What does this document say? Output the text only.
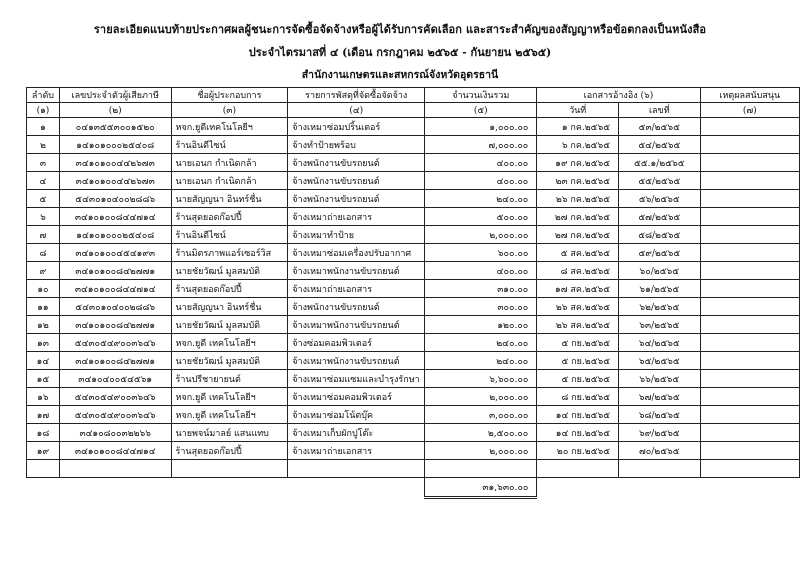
รายละเอียดแนบท้ายประกาศผลผู้ชนะการจัดซื้อจัดจ้างหรือผู้ได้รับการคัดเลือก และสาระสำคัญของสัญญาหรือข้อตกลงเป็นหนังสือ
ประจำไตรมาสที่ ๔ (เดือน กรกฎาคม ๒๕๖๕ - กันยายน ๒๕๖๕)
สำนักงานเกษตรและสหกรณ์จังหวัดอุดรธานี
ลำดับ	เลขประจำตัวผู้เสียภาษี	ชื่อผู้ประกอบการ	รายการพัสดุที่จัดซื้อจัดจ้าง	จำนวนเงินรวม	เอกสารอ้างอิง (๖)		เหตุผลสนับสนุน
(๑)	(๒)	(๓)	(๔)	(๕)	วันที่	เลขที่	(๗)
๑	๐๔๑๓๕๕๓๐๐๑๕๒๐	หจก.ยูดีเทคโนโลยีฯ	จ้างเหมาซ่อมปริ้นเตอร์	๑,๐๐๐.๐๐	๑ กค.๒๕๖๕	๕๓/๒๕๖๕	
๒	๑๔๑๐๑๐๐๐๒๕๔๐๘	ร้านอินดีไซน์	จ้างทำป้ายพร้อบ	๗,๐๐๐.๐๐	๖ กค.๒๕๖๕	๕๔/๒๕๖๕	
๓	๓๔๑๐๑๐๐๔๔๒๖๗๓	นายเอนก กำเนิดกล้า	จ้างพนักงานขับรถยนต์	๔๐๐.๐๐	๑๙ กค.๒๕๖๕	๕๕.๑/๒๕๖๕	
๔	๓๔๑๐๑๐๐๔๔๒๖๗๓	นายเอนก กำเนิดกล้า	จ้างพนักงานขับรถยนต์	๔๐๐.๐๐	๒๓ กค.๒๕๖๕	๕๕/๒๕๖๕	
๕	๕๔๓๐๑๐๔๐๐๒๘๘๖	นายสัญญนา อินทร์ชื่น	จ้างพนักงานขับรถยนต์	๒๔๐.๐๐	๒๖ กค.๒๕๖๕	๕๖/๒๕๖๕	
๖	๓๔๑๐๑๐๐๘๔๔๗๑๔	ร้านสุดยอดก๊อปปี้	จ้างเหมาถ่ายเอกสาร	๕๐๐.๐๐	๒๗ กค.๒๕๖๕	๕๗/๒๕๖๕	
๗	๑๔๑๐๑๐๐๐๒๕๔๐๘	ร้านอินดีไซน์	จ้างเหมาทำป้าย	๒,๐๐๐.๐๐	๒๗ กค.๒๕๖๕	๕๘/๒๕๖๕	
๘	๓๔๑๐๑๐๐๔๕๔๑๙๓	ร้านมิตรภาพแอร์เซอร์วิส	จ้างเหมาซ่อมเครื่องปรับอากาศ	๖๐๐.๐๐	๕ สค.๒๕๖๕	๕๙/๒๕๖๕	
๙	๓๔๑๐๑๐๐๘๔๒๗๗๑	นายชัยวัฒน์ มูลสมบัติ	จ้างเหมาพนักงานขับรถยนต์	๔๐๐.๐๐	๘ สค.๒๕๖๕	๖๐/๒๕๖๕	
๑๐	๓๔๑๐๑๐๐๘๔๔๗๑๔	ร้านสุดยอดก๊อปปี้	จ้างเหมาถ่ายเอกสาร	๓๑๐.๐๐	๑๗ สค.๒๕๖๕	๖๑/๒๕๖๕	
๑๑	๕๔๓๐๑๐๔๐๐๒๘๘๖	นายสัญญนา อินทร์ชื่น	จ้างพนักงานขับรถยนต์	๓๐๐.๐๐	๒๖ สค.๒๕๖๕	๖๒/๒๕๖๕	
๑๒	๓๔๑๐๑๐๐๘๔๒๗๗๑	นายชัยวัฒน์ มูลสมบัติ	จ้างเหมาพนักงานขับรถยนต์	๑๒๐.๐๐	๒๖ สค.๒๕๖๕	๖๓/๒๕๖๕	
๑๓	๕๔๓๐๕๔๙๐๐๓๖๔๖	หจก.ยูดี เทคโนโลยีฯ	จ้างซ่อมคอมพิวเตอร์	๒๔๐.๐๐	๕ กย.๒๕๖๕	๖๔/๒๕๖๕	
๑๔	๓๔๑๐๑๐๐๘๔๒๗๗๑	นายชัยวัฒน์ มูลสมบัติ	จ้างเหมาพนักงานขับรถยนต์	๒๔๐.๐๐	๕ กย.๒๕๖๕	๖๕/๒๕๖๕	
๑๕	๓๔๑๐๔๐๐๕๔๕๖๑	ร้านปรีชายายนต์	จ้างเหมาซ่อมแซมและบำรุงรักษา	๖,๖๐๐.๐๐	๕ กย.๒๕๖๕	๖๖/๒๕๖๕	
๑๖	๕๔๓๐๕๔๙๐๐๓๖๔๖	หจก.ยูดี เทคโนโลยีฯ	จ้างเหมาซ่อมคอมพิวเตอร์	๒,๐๐๐.๐๐	๘ กย.๒๕๖๕	๖๗/๒๕๖๕	
๑๗	๕๔๓๐๕๔๙๐๐๓๖๔๖	หจก.ยูดี เทคโนโลยีฯ	จ้างเหมาซ่อมโน้ตบุ๊ค	๓,๐๐๐.๐๐	๑๔ กย.๒๕๖๕	๖๘/๒๕๖๕	
๑๘	๓๔๑๐๘๐๐๓๒๒๖๖	นายพจน์มาลย์ แสนแทบ	จ้างเหมาเก็บผักปูโต๊ะ	๒,๕๐๐.๐๐	๑๔ กย.๒๕๖๕	๖๙/๒๕๖๕	
๑๙	๓๔๑๐๑๐๐๘๔๔๗๑๔	ร้านสุดยอดก๊อปปี้	จ้างเหมาถ่ายเอกสาร	๒,๐๐๐.๐๐	๒๐ กย.๒๕๖๕	๗๐/๒๕๖๕	

				๓๑,๖๓๐.๐๐			
